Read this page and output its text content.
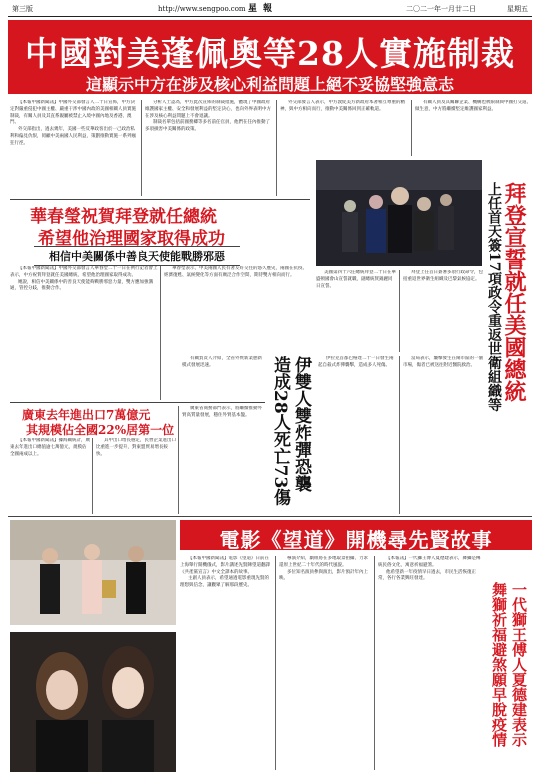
第三版	http://www.sengpoo.com 星報	二〇二一年一月廿二日	星期五
中國對美蓬佩奧等28人實施制裁
這顯示中方在涉及核心利益問題上絕不妥協堅強意志

【本報中國新聞訊】中國外交部發言人二十日宣佈，中方決定對嚴重侵犯中國主權、嚴重干涉中國內政的美國相關人員實施制裁，有關人員及其直系親屬被禁止入境中國內地及香港、澳門。

外交部指出，過去幾年，美國一些反華政客出於一己政治私利和偏見仇恨，罔顧中美兩國人民利益，策劃推動實施一系列瘋狂行徑。

分析人士認為，中方此次宣佈的制裁措施，體現了中國政府維護國家主權、安全和發展利益的堅定決心，也向外界表明中方在涉及核心利益問題上不會退讓。

制裁名單包括前國務卿等多名前任官員，他們在任內推動了多項損害中美關係的政策。

外交部發言人表示，中方敦促美方新政府本著相互尊重的精神，與中方相向而行，推動中美關係回到正確軌道。

有關人員及其關聯企業、機構也被限制與中國打交道、做生意，中方將繼續堅定維護國家利益。

華春瑩祝賀拜登就任總統
希望他治理國家取得成功
相信中美關係中善良天使能戰勝邪惡

【本報中國新聞訊】中國外交部發言人華春瑩二十一日在例行記者會上表示，中方祝賀拜登就任美國總統，希望他治理國家取得成功。

她說，相信中美關係中的善良天使能夠戰勝邪惡力量，雙方應加強溝通，管控分歧，推動合作。

華春瑩表示，中美兩國人民有著友好交往的悠久歷史，兩國在抗疫、經濟復甦、氣候變化等方面有廣泛合作空間，期待雙方相向而行。	拜登宣誓就任美國總統
上任首天簽17項政令重返世衛組織等

美國第四十六任總統拜登二十日在華盛頓國會山宣誓就職，副總統賀錦麗同日宣誓。

拜登上任首日簽署多項行政命令，包括重返世界衛生組織及巴黎氣候協定。

廣東去年進出口7萬億元
其規模佔全國22%居第一位

【本報中國新聞訊】據海關統計，廣東去年進出口總值逾七萬億元，規模佔全國兩成以上。

其中出口增長穩定，民營企業進出口比重進一步提升，對東盟貿易增長較快。

廣東省商務部門表示，將繼續推動外貿高質量發展，穩住外貿基本盤。

有關負責人介紹，全省外貿新業態新模式發展迅速。	伊雙人雙炸彈恐襲
造成28人死亡73傷	伊拉克首都巴格達二十一日發生兩起自殺式炸彈襲擊，造成多人死傷。

當局表示，襲擊發生在鬧市區的一個市場，傷者已被送往附近醫院救治。

電影《望道》開機尋先賢故事

【本報中國新聞訊】電影《望道》日前在上海舉行開機儀式，影片講述先賢陳望道翻譯《共產黨宣言》中文全譯本的故事。

主創人員表示，希望通過電影重現先賢的理想與信念，讓觀眾了解那段歷史。

導演介紹，劇組將在多地取景拍攝，力求還原上世紀二十年代的時代風貌。

多位知名演員參與演出，影片預計年內上映。

【本報訊】一代獅王傅人夏德建表示，舞獅是傳統民俗文化，寓意祈福避煞。

他希望新一年疫情早日過去，市民生活恢復正常，各行各業興旺發達。

一代獅王傅人夏德建表示
舞獅祈福避煞願早脫疫情
